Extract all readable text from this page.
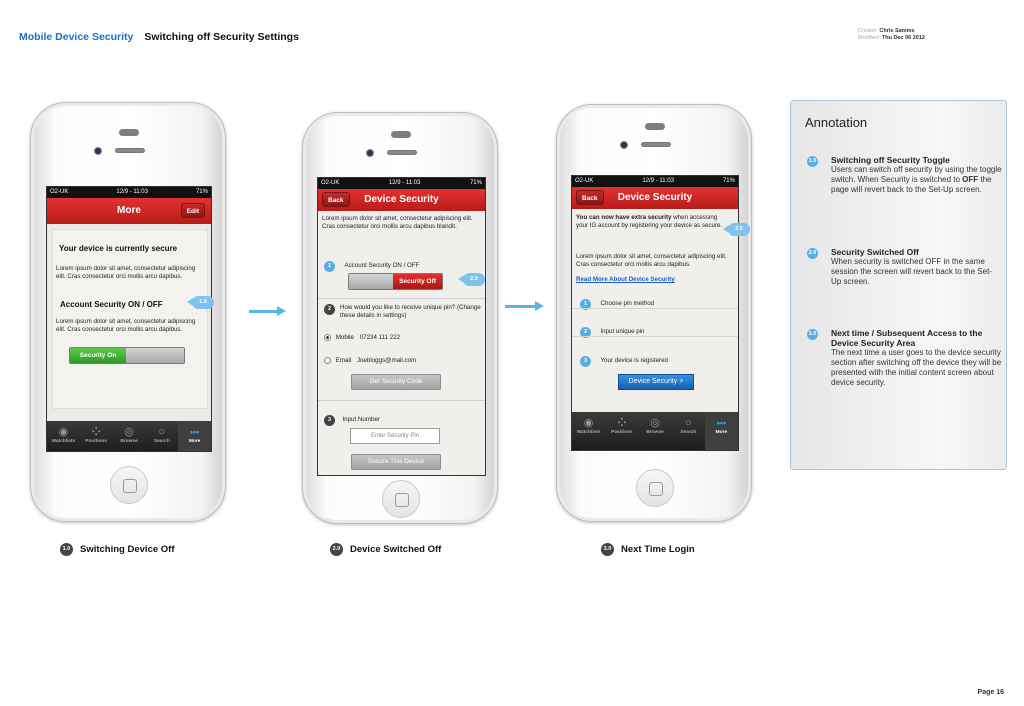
Mobile Device Security Switching off Security Settings	Creator Chris Samms
Modified Thu Dec 06 2012
O2-UK	12/9 - 11:03	71%
More	Edit
Your device is currently secure
Lorem ipsum dolor sit amet, consectetur adipiscing elit. Cras consectetur orci mollis arcu dapibus.
Account Security ON / OFF
Lorem ipsum dolor sit amet, consectetur adipiscing elit. Cras consectetur orci mollis arcu dapibus.
Security On
◉
Watchlists
⁘
Positions
◎
Browse
○
Search
•••
More
1.0
O2-UK	12/9 - 11:03	71%
Back	Device Security
Lorem ipsum dolor sit amet, consectetur adipiscing elit. Cras consectetur orci mollis arcu dapibus blandit.
1 Account Security ON / OFF
Security Off
2	How would you like to receive unique pin? (Change these details in settings)
Mobile 07234 111 222
Email Joebloggs@mail.com
Get Security Code
3 Input Number
Enter Security Pin
Secure This Device
2.0
O2-UK	12/9 - 11:03	71%
Back	Device Security
You can now have extra security when accessing your IG account by registering your device as secure.
Lorem ipsum dolor sit amet, consectetur adipiscing elit. Cras consectetur orci mollis arcu dapibus.
Read More About Device Security
1 Choose pin method
2 Input unique pin
3 Your device is registered
Device Security >
◉
Watchlists
⁘
Positions
◎
Browse
○
Search
•••
More
3.0
Annotation
1.0 Switching off Security Toggle
Users can switch off security by using the toggle switch. When Security is switched to OFF the page will revert back to the Set-Up screen.
2.0 Security Switched Off
When security is switched OFF in the same session the screen will revert back to the Set-Up screen.
3.0 Next time / Subsequent Access to the Device Security Area
The next time a user goes to the device security section after switching off the device they will be presented with the initial content screen about device security.
1.0 Switching Device Off	2.0 Device Switched Off	3.0 Next Time Login
Page 16
